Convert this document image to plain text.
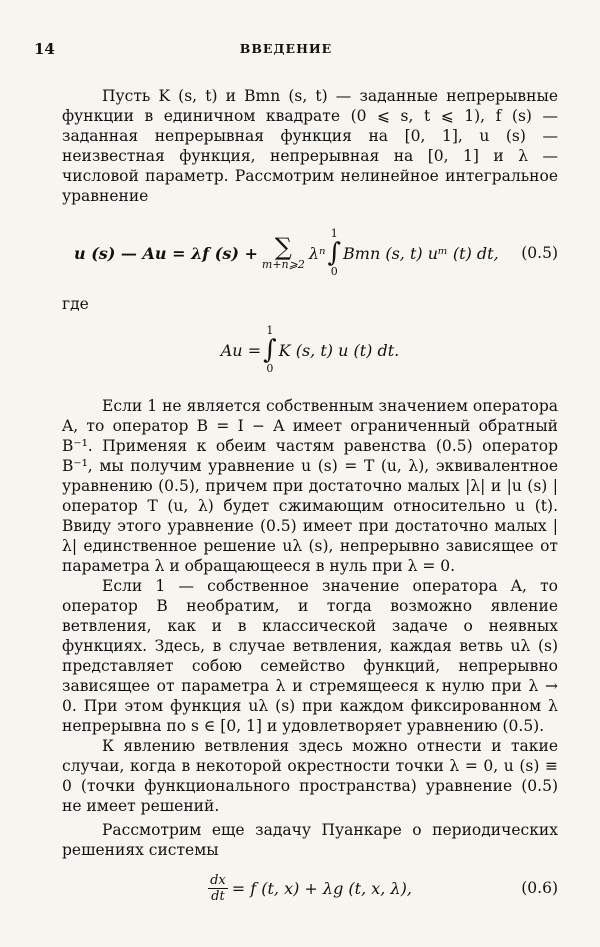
14	ВВЕДЕНИЕ

Пусть K (s, t) и Bmn (s, t) — заданные непрерывные функции в единичном квадрате (0 ⩽ s, t ⩽ 1), f (s) — заданная непрерывная функция на [0, 1], u (s) — неизвестная функция, непрерывная на [0, 1] и λ — числовой параметр. Рассмотрим нелинейное интегральное уравнение

u (s) — Au = λf (s) + ∑
m+n⩾2
λⁿ
1
∫
0
Bmn (s, t) uᵐ (t) dt, (0.5)

где

Au =
1
∫
0
K (s, t) u (t) dt.

Если 1 не является собственным значением оператора A, то оператор B = I − A имеет ограниченный обратный B⁻¹. Применяя к обеим частям равенства (0.5) оператор B⁻¹, мы получим уравнение u (s) = T (u, λ), эквивалентное уравнению (0.5), причем при достаточно малых |λ| и |u (s) | оператор T (u, λ) будет сжимающим относительно u (t). Ввиду этого уравнение (0.5) имеет при достаточно малых |λ| единственное решение uλ (s), непрерывно зависящее от параметра λ и обращающееся в нуль при λ = 0.

Если 1 — собственное значение оператора A, то оператор B необратим, и тогда возможно явление ветвления, как и в классической задаче о неявных функциях. Здесь, в случае ветвления, каждая ветвь uλ (s) представляет собою семейство функций, непрерывно зависящее от параметра λ и стремящееся к нулю при λ → 0. При этом функция uλ (s) при каждом фиксированном λ непрерывна по s ∈ [0, 1] и удовлетворяет уравнению (0.5).

К явлению ветвления здесь можно отнести и такие случаи, когда в некоторой окрестности точки λ = 0, u (s) ≡ 0 (точки функционального пространства) уравнение (0.5) не имеет решений.

Рассмотрим еще задачу Пуанкаре о периодических решениях системы

$\frac{dx}{dt} = f$ (t, x) + λg (t, x, λ),	(0.6)
